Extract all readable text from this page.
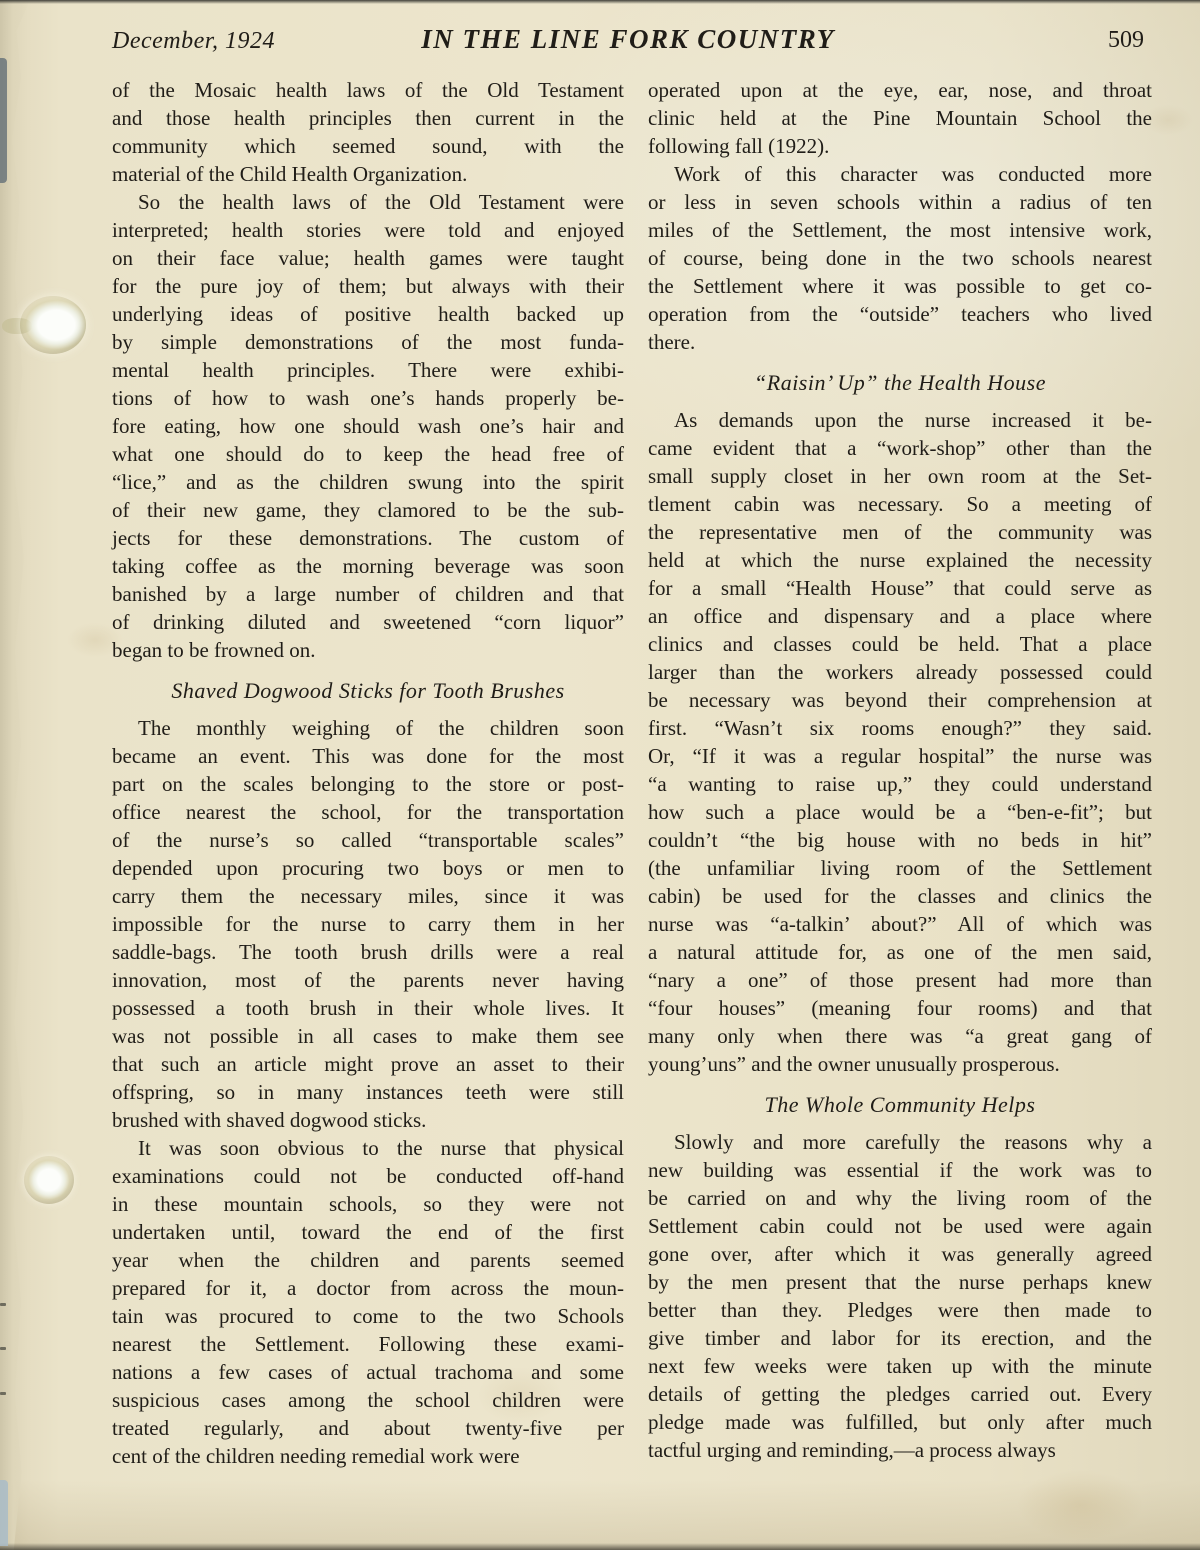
December, 1924	IN THE LINE FORK COUNTRY	509
of the Mosaic health laws of the Old Testament
and those health principles then current in the
community which seemed sound, with the
material of the Child Health Organization.
So the health laws of the Old Testament were
interpreted; health stories were told and enjoyed
on their face value; health games were taught
for the pure joy of them; but always with their
underlying ideas of positive health backed up
by simple demonstrations of the most funda-
mental health principles. There were exhibi-
tions of how to wash one’s hands properly be-
fore eating, how one should wash one’s hair and
what one should do to keep the head free of
“lice,” and as the children swung into the spirit
of their new game, they clamored to be the sub-
jects for these demonstrations. The custom of
taking coffee as the morning beverage was soon
banished by a large number of children and that
of drinking diluted and sweetened “corn liquor”
began to be frowned on.
Shaved Dogwood Sticks for Tooth Brushes
The monthly weighing of the children soon
became an event. This was done for the most
part on the scales belonging to the store or post-
office nearest the school, for the transportation
of the nurse’s so called “transportable scales”
depended upon procuring two boys or men to
carry them the necessary miles, since it was
impossible for the nurse to carry them in her
saddle-bags. The tooth brush drills were a real
innovation, most of the parents never having
possessed a tooth brush in their whole lives. It
was not possible in all cases to make them see
that such an article might prove an asset to their
offspring, so in many instances teeth were still
brushed with shaved dogwood sticks.
It was soon obvious to the nurse that physical
examinations could not be conducted off-hand
in these mountain schools, so they were not
undertaken until, toward the end of the first
year when the children and parents seemed
prepared for it, a doctor from across the moun-
tain was procured to come to the two Schools
nearest the Settlement. Following these exami-
nations a few cases of actual trachoma and some
suspicious cases among the school children were
treated regularly, and about twenty-five per
cent of the children needing remedial work were
operated upon at the eye, ear, nose, and throat
clinic held at the Pine Mountain School the
following fall (1922).
Work of this character was conducted more
or less in seven schools within a radius of ten
miles of the Settlement, the most intensive work,
of course, being done in the two schools nearest
the Settlement where it was possible to get co-
operation from the “outside” teachers who lived
there.
“Raisin’ Up” the Health House
As demands upon the nurse increased it be-
came evident that a “work-shop” other than the
small supply closet in her own room at the Set-
tlement cabin was necessary. So a meeting of
the representative men of the community was
held at which the nurse explained the necessity
for a small “Health House” that could serve as
an office and dispensary and a place where
clinics and classes could be held. That a place
larger than the workers already possessed could
be necessary was beyond their comprehension at
first. “Wasn’t six rooms enough?” they said.
Or, “If it was a regular hospital” the nurse was
“a wanting to raise up,” they could understand
how such a place would be a “ben-e-fit”; but
couldn’t “the big house with no beds in hit”
(the unfamiliar living room of the Settlement
cabin) be used for the classes and clinics the
nurse was “a-talkin’ about?” All of which was
a natural attitude for, as one of the men said,
“nary a one” of those present had more than
“four houses” (meaning four rooms) and that
many only when there was “a great gang of
young’uns” and the owner unusually prosperous.
The Whole Community Helps
Slowly and more carefully the reasons why a
new building was essential if the work was to
be carried on and why the living room of the
Settlement cabin could not be used were again
gone over, after which it was generally agreed
by the men present that the nurse perhaps knew
better than they. Pledges were then made to
give timber and labor for its erection, and the
next few weeks were taken up with the minute
details of getting the pledges carried out. Every
pledge made was fulfilled, but only after much
tactful urging and reminding,—a process always
